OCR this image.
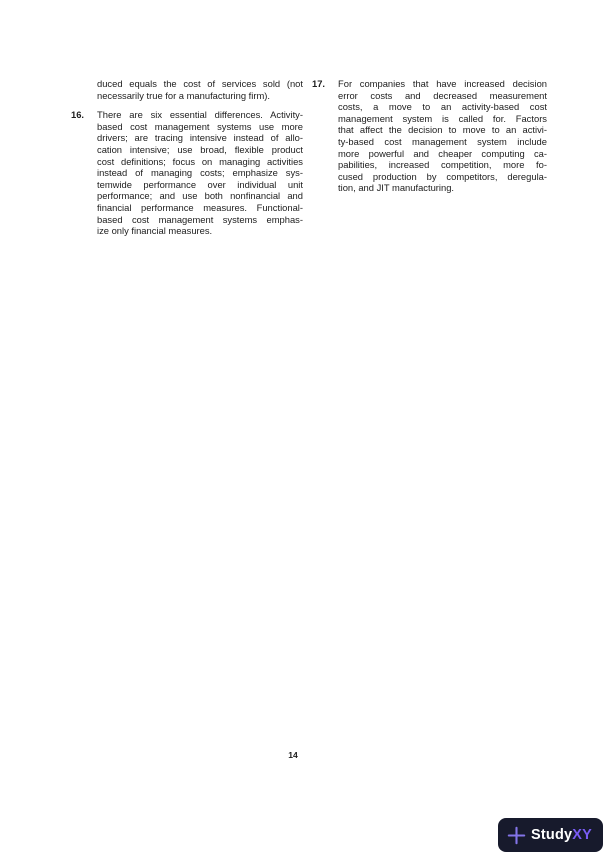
duced equals the cost of services sold (not
necessarily true for a manufacturing firm).
16.	There are six essential differences. Activity-
based cost management systems use more
drivers; are tracing intensive instead of allo-
cation intensive; use broad, flexible product
cost definitions; focus on managing activities
instead of managing costs; emphasize sys-
temwide performance over individual unit
performance; and use both nonfinancial and
financial performance measures. Functional-
based cost management systems emphas-
ize only financial measures.
17.	For companies that have increased decision
error costs and decreased measurement
costs, a move to an activity-based cost
management system is called for. Factors
that affect the decision to move to an activi-
ty-based cost management system include
more powerful and cheaper computing ca-
pabilities, increased competition, more fo-
cused production by competitors, deregula-
tion, and JIT manufacturing.
14
StudyXY
